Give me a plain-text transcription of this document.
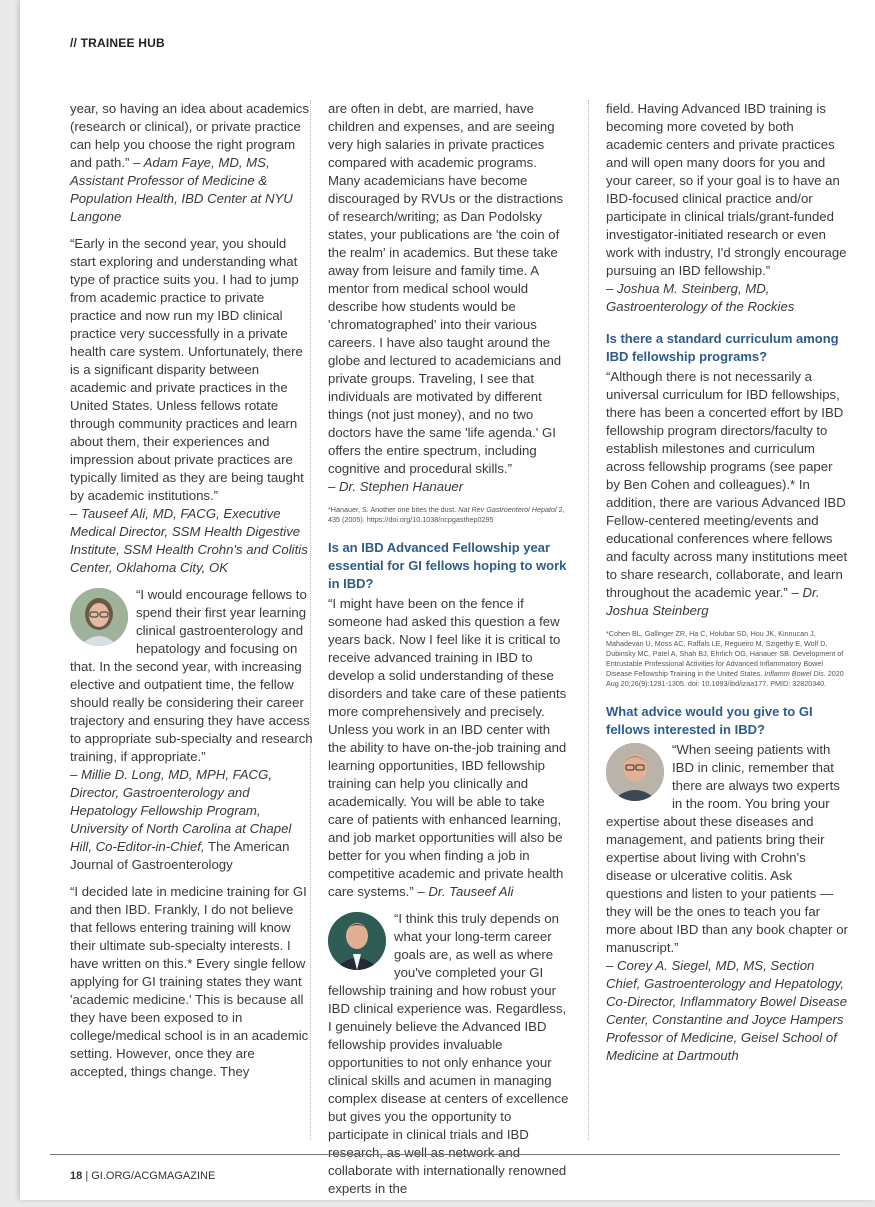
// TRAINEE HUB

year, so having an idea about academics (research or clinical), or private practice can help you choose the right program and path.” – Adam Faye, MD, MS, Assistant Professor of Medicine & Population Health, IBD Center at NYU Langone

“Early in the second year, you should start exploring and understanding what type of practice suits you. I had to jump from academic practice to private practice and now run my IBD clinical practice very successfully in a private health care system. Unfortunately, there is a significant disparity between academic and private practices in the United States. Unless fellows rotate through community practices and learn about them, their experiences and impression about private practices are typically limited as they are being taught by academic institutions.”
– Tauseef Ali, MD, FACG, Executive Medical Director, SSM Health Digestive Institute, SSM Health Crohn's and Colitis Center, Oklahoma City, OK

“I would encourage fellows to spend their first year learning clinical gastroenterology and hepatology and focusing on that. In the second year, with increasing elective and outpatient time, the fellow should really be considering their career trajectory and ensuring they have access to appropriate sub-specialty and research training, if appropriate.”
– Millie D. Long, MD, MPH, FACG, Director, Gastroenterology and Hepatology Fellowship Program, University of North Carolina at Chapel Hill, Co-Editor-in-Chief, The American Journal of Gastroenterology

“I decided late in medicine training for GI and then IBD. Frankly, I do not believe that fellows entering training will know their ultimate sub-specialty interests. I have written on this.* Every single fellow applying for GI training states they want 'academic medicine.' This is because all they have been exposed to in college/medical school is in an academic setting. However, once they are accepted, things change. They

are often in debt, are married, have children and expenses, and are seeing very high salaries in private practices compared with academic programs. Many academicians have become discouraged by RVUs or the distractions of research/writing; as Dan Podolsky states, your publications are 'the coin of the realm' in academics. But these take away from leisure and family time. A mentor from medical school would describe how students would be 'chromatographed' into their various careers. I have also taught around the globe and lectured to academicians and private groups. Traveling, I see that individuals are motivated by different things (not just money), and no two doctors have the same 'life agenda.' GI offers the entire spectrum, including cognitive and procedural skills.”
– Dr. Stephen Hanauer

*Hanauer, S. Another one bites the dust. Nat Rev Gastroenterol Hepatol 2, 435 (2005). https://doi.org/10.1038/ncpgasthep0295
Is an IBD Advanced Fellowship year essential for GI fellows hoping to work in IBD?

“I might have been on the fence if someone had asked this question a few years back. Now I feel like it is critical to receive advanced training in IBD to develop a solid understanding of these disorders and take care of these patients more comprehensively and precisely. Unless you work in an IBD center with the ability to have on-the-job training and learning opportunities, IBD fellowship training can help you clinically and academically. You will be able to take care of patients with enhanced learning, and job market opportunities will also be better for you when finding a job in competitive academic and private health care systems.” – Dr. Tauseef Ali

“I think this truly depends on what your long-term career goals are, as well as where you've completed your GI fellowship training and how robust your IBD clinical experience was. Regardless, I genuinely believe the Advanced IBD fellowship provides invaluable opportunities to not only enhance your clinical skills and acumen in managing complex disease at centers of excellence but gives you the opportunity to participate in clinical trials and IBD research, as well as network and collaborate with internationally renowned experts in the

field. Having Advanced IBD training is becoming more coveted by both academic centers and private practices and will open many doors for you and your career, so if your goal is to have an IBD-focused clinical practice and/or participate in clinical trials/grant-funded investigator-initiated research or even work with industry, I'd strongly encourage pursuing an IBD fellowship.”
– Joshua M. Steinberg, MD, Gastroenterology of the Rockies

Is there a standard curriculum among IBD fellowship programs?

“Although there is not necessarily a universal curriculum for IBD fellowships, there has been a concerted effort by IBD fellowship program directors/faculty to establish milestones and curriculum across fellowship programs (see paper by Ben Cohen and colleagues).* In addition, there are various Advanced IBD Fellow-centered meeting/events and educational conferences where fellows and faculty across many institutions meet to share research, collaborate, and learn throughout the academic year.” – Dr. Joshua Steinberg

*Cohen BL, Gallinger ZR, Ha C, Holubar SD, Hou JK, Kinnucan J, Mahadevan U, Moss AC, Raffals LE, Regueiro M, Szigethy E, Wolf D, Dubinsky MC, Patel A, Shah BJ, Ehrlich OG, Hanauer SB. Development of Entrustable Professional Activities for Advanced Inflammatory Bowel Disease Fellowship Training in the United States. Inflamm Bowel Dis. 2020 Aug 20;26(9):1291-1305. doi: 10.1093/ibd/izaa177. PMID: 32820340.
What advice would you give to GI fellows interested in IBD?

“When seeing patients with IBD in clinic, remember that there are always two experts in the room. You bring your expertise about these diseases and management, and patients bring their expertise about living with Crohn's disease or ulcerative colitis. Ask questions and listen to your patients — they will be the ones to teach you far more about IBD than any book chapter or manuscript.”
– Corey A. Siegel, MD, MS, Section Chief, Gastroenterology and Hepatology, Co-Director, Inflammatory Bowel Disease Center, Constantine and Joyce Hampers Professor of Medicine, Geisel School of Medicine at Dartmouth

18 | GI.ORG/ACGMAGAZINE
